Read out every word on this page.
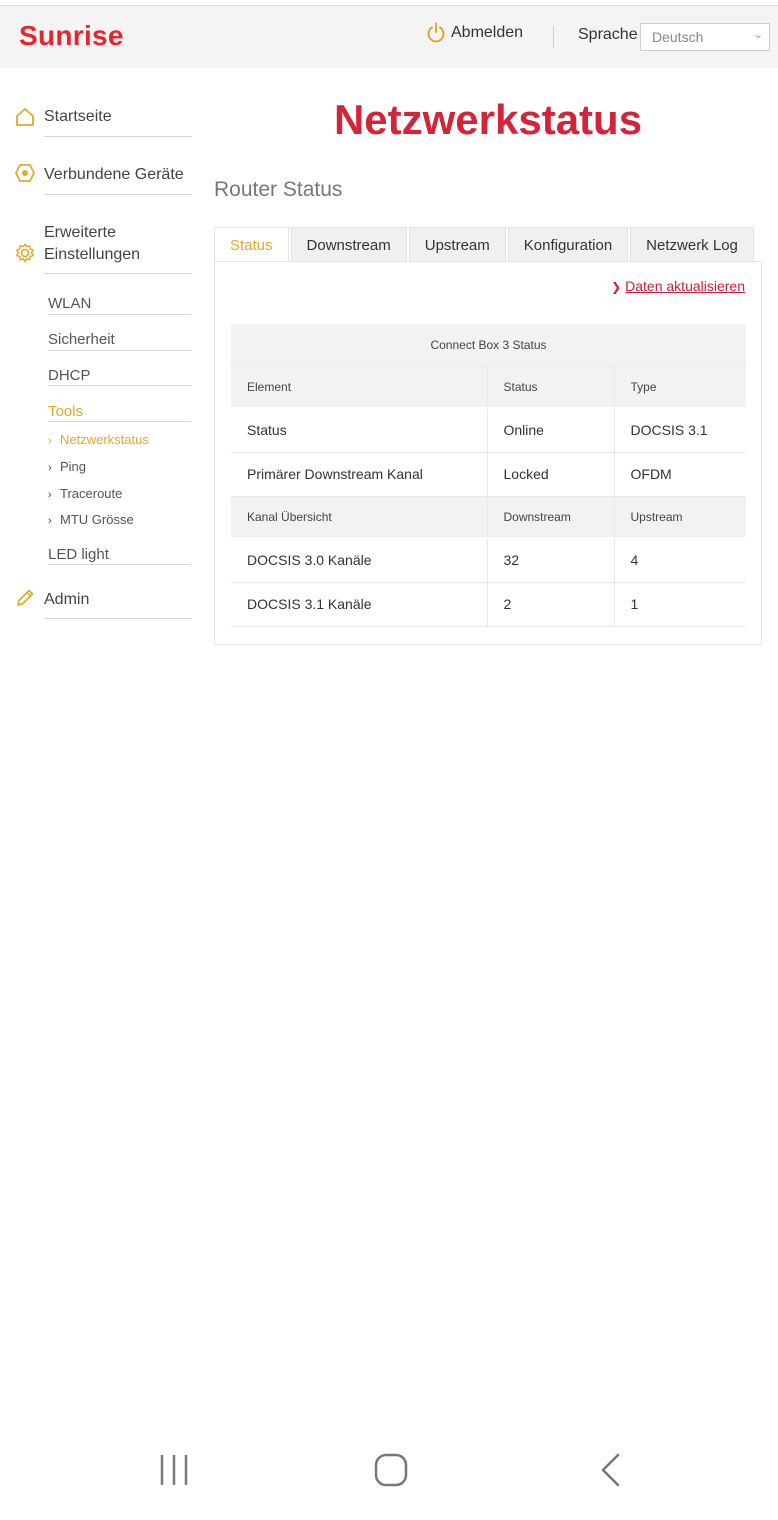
Sunrise	Abmelden	Sprache	Deutsch	⌄
Startseite
Verbundene Geräte
Erweiterte
Einstellungen
WLAN
Sicherheit
DHCP
Tools
› Netzwerkstatus
› Ping
› Traceroute
› MTU Grösse
LED light
Admin
Netzwerkstatus
Router Status
Status	Downstream	Upstream	Konfiguration	Netzwerk Log
❯ Daten aktualisieren
Connect Box 3 Status		
Element	Status	Type
Status	Online	DOCSIS 3.1
Primärer Downstream Kanal	Locked	OFDM
Kanal Übersicht	Downstream	Upstream
DOCSIS 3.0 Kanäle	32	4
DOCSIS 3.1 Kanäle	2	1
